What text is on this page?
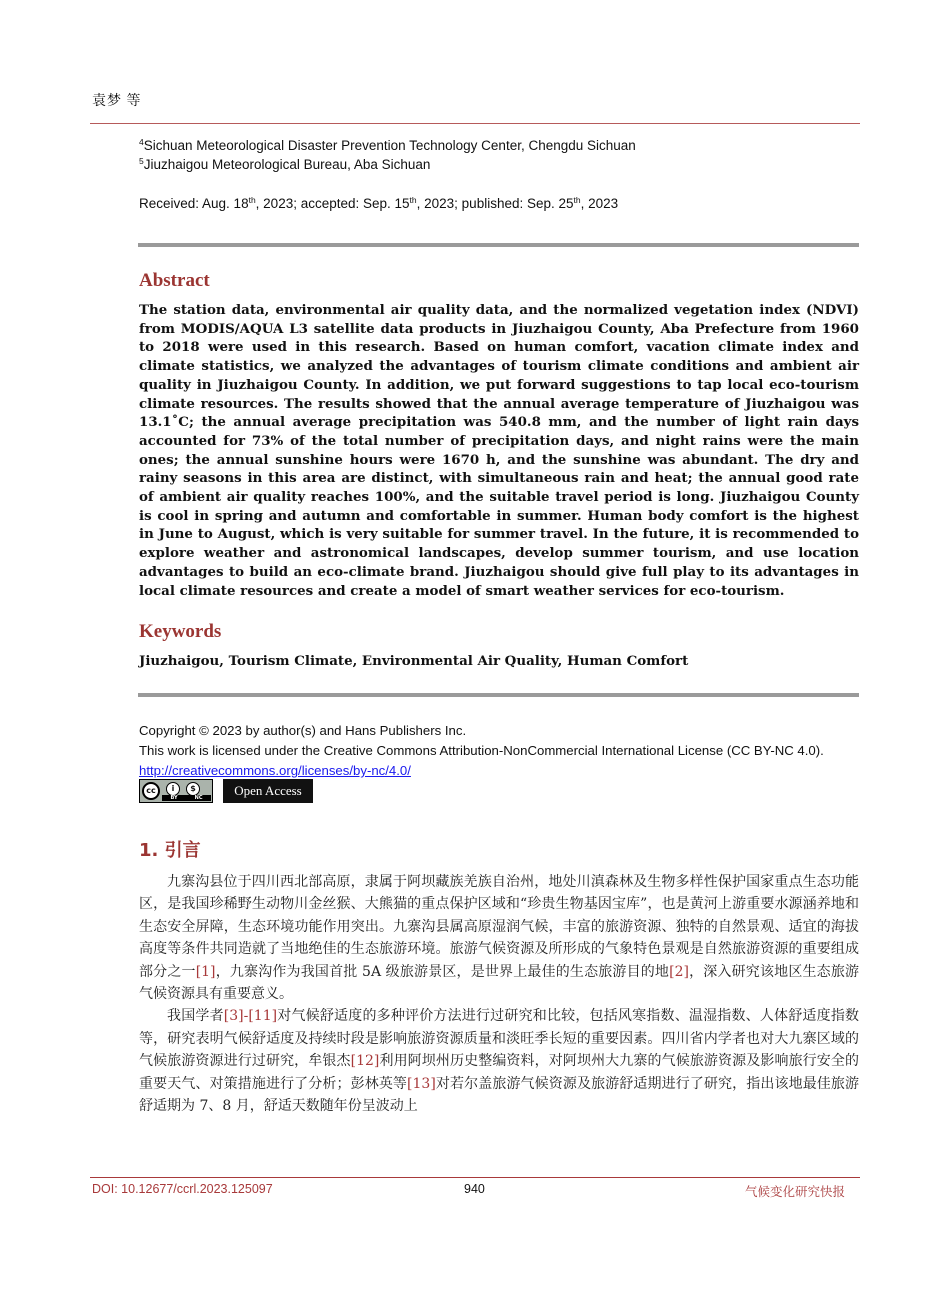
袁梦 等
$^4$Sichuan Meteorological Disaster Prevention Technology Center, Chengdu Sichuan
$^5$Jiuzhaigou Meteorological Bureau, Aba Sichuan
Received: Aug. 18th, 2023; accepted: Sep. 15th, 2023; published: Sep. 25th, 2023
Abstract
The station data, environmental air quality data, and the normalized vegetation index (NDVI) from MODIS/AQUA L3 satellite data products in Jiuzhaigou County, Aba Prefecture from 1960 to 2018 were used in this research. Based on human comfort, vacation climate index and climate statistics, we analyzed the advantages of tourism climate conditions and ambient air quality in Jiuzhaigou County. In addition, we put forward suggestions to tap local eco-tourism climate resources. The results showed that the annual average temperature of Jiuzhaigou was 13.1˚C; the annual average precipitation was 540.8 mm, and the number of light rain days accounted for 73% of the total number of precipitation days, and night rains were the main ones; the annual sunshine hours were 1670 h, and the sunshine was abundant. The dry and rainy seasons in this area are distinct, with simultaneous rain and heat; the annual good rate of ambient air quality reaches 100%, and the suitable travel period is long. Jiuzhaigou County is cool in spring and autumn and comfortable in summer. Human body comfort is the highest in June to August, which is very suitable for summer travel. In the future, it is recommended to explore weather and astronomical landscapes, develop summer tourism, and use location advantages to build an eco-climate brand. Jiuzhaigou should give full play to its advantages in local climate resources and create a model of smart weather services for eco-tourism.
Keywords
Jiuzhaigou, Tourism Climate, Environmental Air Quality, Human Comfort
Copyright © 2023 by author(s) and Hans Publishers Inc.
This work is licensed under the Creative Commons Attribution-NonCommercial International License (CC BY-NC 4.0).
http://creativecommons.org/licenses/by-nc/4.0/
cc	i	$
BY	NC	Open Access
1. 引言

九寨沟县位于四川西北部高原，隶属于阿坝藏族羌族自治州，地处川滇森林及生物多样性保护国家重点生态功能区，是我国珍稀野生动物川金丝猴、大熊猫的重点保护区域和“珍贵生物基因宝库”，也是黄河上游重要水源涵养地和生态安全屏障，生态环境功能作用突出。九寨沟县属高原湿润气候，丰富的旅游资源、独特的自然景观、适宜的海拔高度等条件共同造就了当地绝佳的生态旅游环境。旅游气候资源及所形成的气象特色景观是自然旅游资源的重要组成部分之一[1]，九寨沟作为我国首批 5A 级旅游景区，是世界上最佳的生态旅游目的地[2]，深入研究该地区生态旅游气候资源具有重要意义。

我国学者[3]-[11]对气候舒适度的多种评价方法进行过研究和比较，包括风寒指数、温湿指数、人体舒适度指数等，研究表明气候舒适度及持续时段是影响旅游资源质量和淡旺季长短的重要因素。四川省内学者也对大九寨区域的气候旅游资源进行过研究，牟银杰[12]利用阿坝州历史整编资料，对阿坝州大九寨的气候旅游资源及影响旅行安全的重要天气、对策措施进行了分析；彭林英等[13]对若尔盖旅游气候资源及旅游舒适期进行了研究，指出该地最佳旅游舒适期为 7、8 月，舒适天数随年份呈波动上

DOI: 10.12677/ccrl.2023.125097	940	气候变化研究快报
